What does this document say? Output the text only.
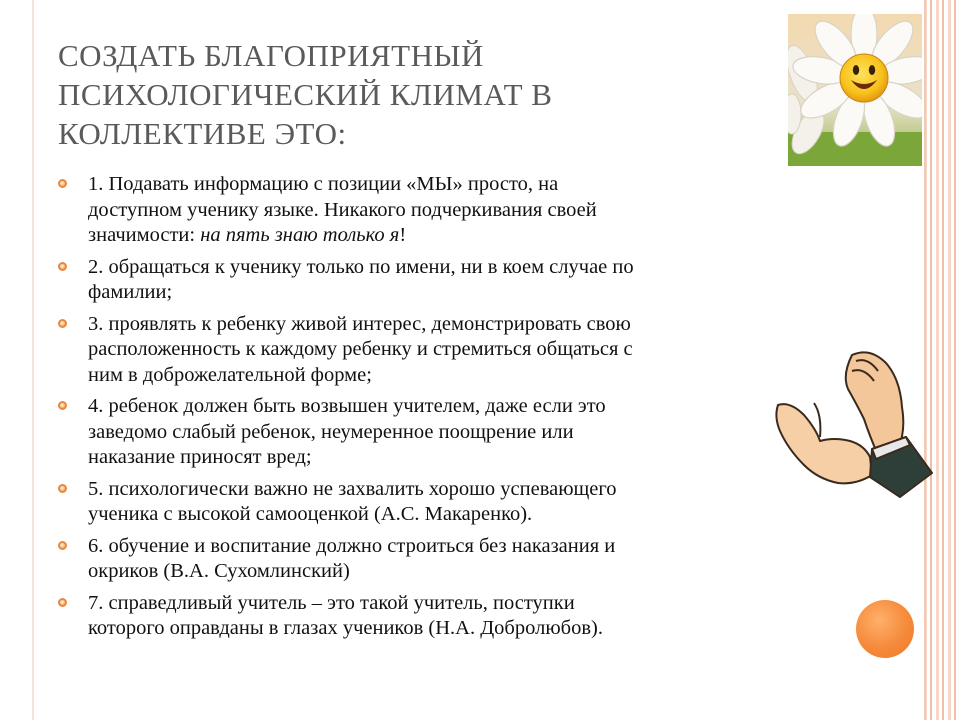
СОЗДАТЬ БЛАГОПРИЯТНЫЙ
ПСИХОЛОГИЧЕСКИЙ КЛИМАТ В
КОЛЛЕКТИВЕ ЭТО:
1. Подавать информацию с позиции «МЫ» просто, на
доступном ученику языке. Никакого подчеркивания своей
значимости: на пять знаю только я!
2. обращаться к ученику только по имени, ни в коем случае по
фамилии;
3. проявлять к ребенку живой интерес, демонстрировать свою
расположенность к каждому ребенку и стремиться общаться с
ним в доброжелательной форме;
4. ребенок должен быть возвышен учителем, даже если это
заведомо слабый ребенок, неумеренное поощрение или
наказание приносят вред;
5. психологически важно не захвалить хорошо успевающего
ученика с высокой самооценкой (А.С. Макаренко).
6. обучение и воспитание должно строиться без наказания и
окриков (В.А. Сухомлинский)
7. справедливый учитель – это такой учитель, поступки
которого оправданы в глазах учеников (Н.А. Добролюбов).
